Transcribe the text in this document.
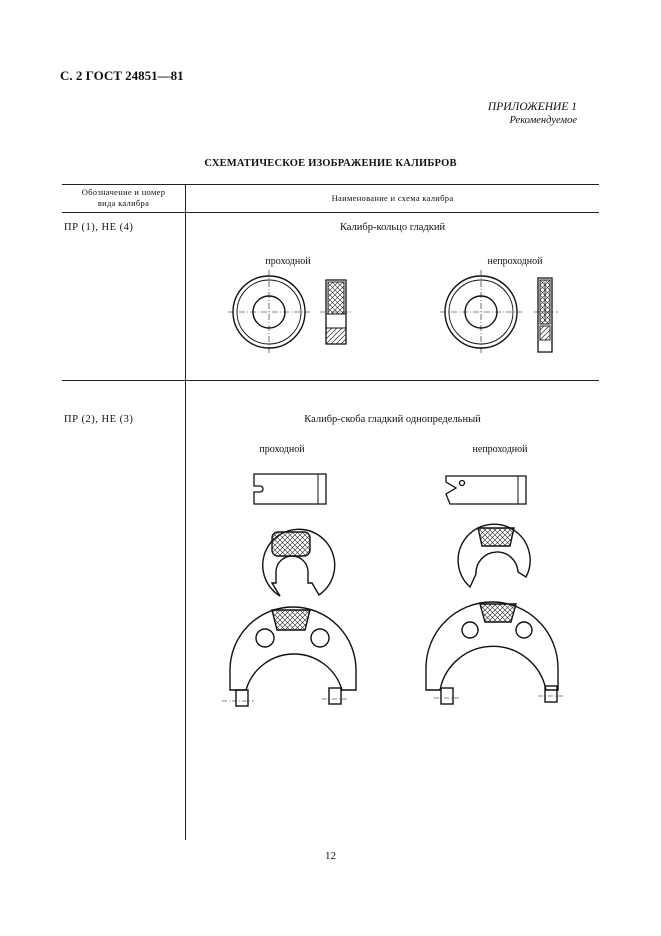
С. 2 ГОСТ 24851—81
ПРИЛОЖЕНИЕ 1
Рекомендуемое
СХЕМАТИЧЕСКОЕ ИЗОБРАЖЕНИЕ КАЛИБРОВ
Обозначение и номер
вида калибра	Наименование и схема калибра
ПР (1), НЕ (4)	Калибр-кольцо гладкий
проходной	непроходной
ПР (2), НЕ (3)	Калибр-скоба гладкий однопредельный
проходной	непроходной
12
